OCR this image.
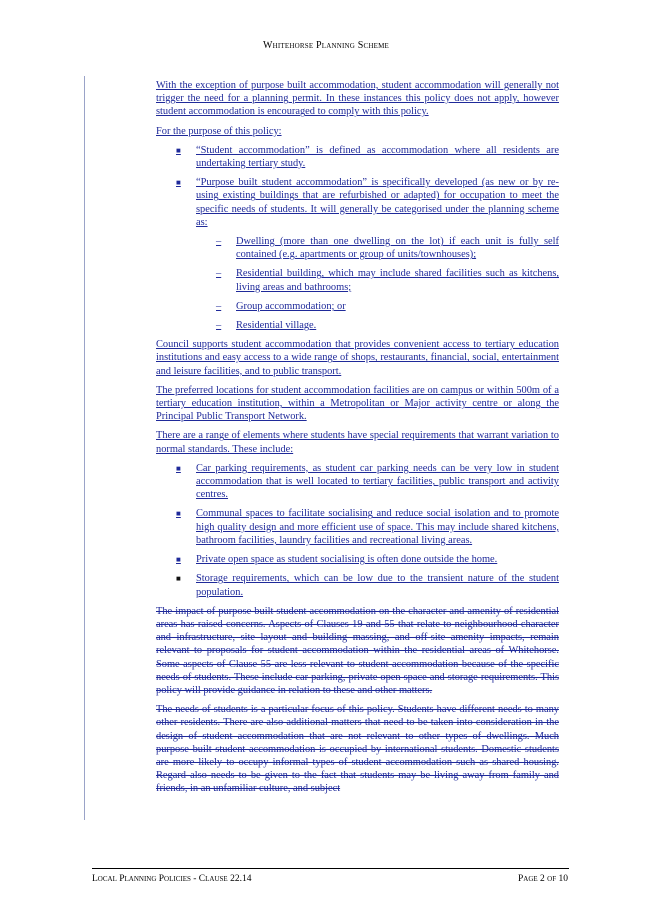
Whitehorse Planning Scheme

With the exception of purpose built accommodation, student accommodation will generally not trigger the need for a planning permit. In these instances this policy does not apply, however student accommodation is encouraged to comply with this policy.

For the purpose of this policy:

■ “Student accommodation” is defined as accommodation where all residents are undertaking tertiary study.
■ “Purpose built student accommodation” is specifically developed (as new or by re-using existing buildings that are refurbished or adapted) for occupation to meet the specific needs of students. It will generally be categorised under the planning scheme as:
– Dwelling (more than one dwelling on the lot) if each unit is fully self contained (e.g. apartments or group of units/townhouses);
– Residential building, which may include shared facilities such as kitchens, living areas and bathrooms;
– Group accommodation; or
– Residential village.

Council supports student accommodation that provides convenient access to tertiary education institutions and easy access to a wide range of shops, restaurants, financial, social, entertainment and leisure facilities, and to public transport.

The preferred locations for student accommodation facilities are on campus or within 500m of a tertiary education institution, within a Metropolitan or Major activity centre or along the Principal Public Transport Network.

There are a range of elements where students have special requirements that warrant variation to normal standards. These include:

■ Car parking requirements, as student car parking needs can be very low in student accommodation that is well located to tertiary facilities, public transport and activity centres.
■ Communal spaces to facilitate socialising and reduce social isolation and to promote high quality design and more efficient use of space. This may include shared kitchens, bathroom facilities, laundry facilities and recreational living areas.
■ Private open space as student socialising is often done outside the home.
■ Storage requirements, which can be low due to the transient nature of the student population.

The impact of purpose built student accommodation on the character and amenity of residential areas has raised concerns. Aspects of Clauses 19 and 55 that relate to neighbourhood character and infrastructure, site layout and building massing, and off-site amenity impacts, remain relevant to proposals for student accommodation within the residential areas of Whitehorse. Some aspects of Clause 55 are less relevant to student accommodation because of the specific needs of students. These include car parking, private open space and storage requirements. This policy will provide guidance in relation to these and other matters.

The needs of students is a particular focus of this policy. Students have different needs to many other residents. There are also additional matters that need to be taken into consideration in the design of student accommodation that are not relevant to other types of dwellings. Much purpose built student accommodation is occupied by international students. Domestic students are more likely to occupy informal types of student accommodation such as shared housing. Regard also needs to be given to the fact that students may be living away from family and friends, in an unfamiliar culture, and subject

Local Planning Policies - Clause 22.14	Page 2 of 10
